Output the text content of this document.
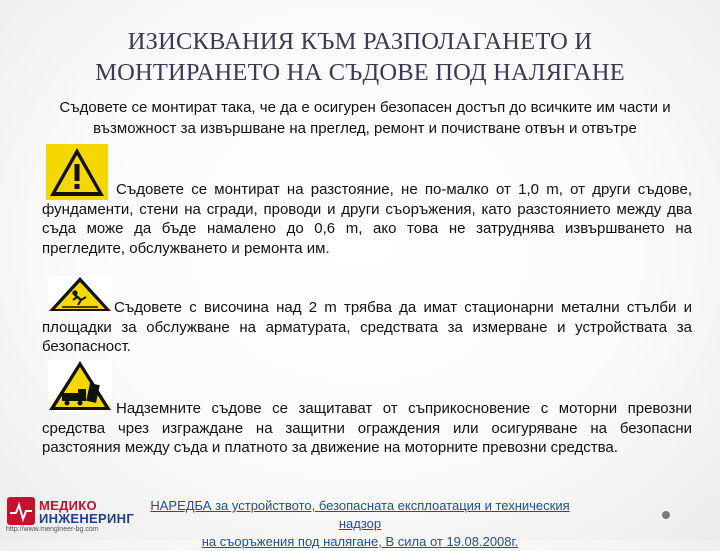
ИЗИСКВАНИЯ КЪМ РАЗПОЛАГАНЕТО И
МОНТИРАНЕТО НА СЪДОВЕ ПОД НАЛЯГАНЕ
Съдовете се монтират така, че да е осигурен безопасен достъп до всичките им части и възможност за извършване на преглед, ремонт и почистване отвън и отвътре
Съдовете се монтират на разстояние, не по-малко от 1,0 m, от други съдове, фундаменти, стени на сгради, проводи и други съоръжения, като разстоянието между два съда може да бъде намалено до 0,6 m, ако това не затруднява извършването на прегледите, обслужването и ремонта им.
Съдовете с височина над 2 m трябва да имат стационарни метални стълби и площадки за обслужване на арматурата, средствата за измерване и устройствата за безопасност.
Надземните съдове се защитават от съприкосновение с моторни превозни средства чрез изграждане на защитни ограждения или осигуряване на безопасни разстояния между съда и платното за движение на моторните превозни средства.
МЕДИКО
ИНЖЕНЕРИНГ
http://www.mengineer-bg.com
НАРЕДБА за устройството, безопасната експлоатация и техническия надзор
на съоръжения под налягане, В сила от 19.08.2008г.
